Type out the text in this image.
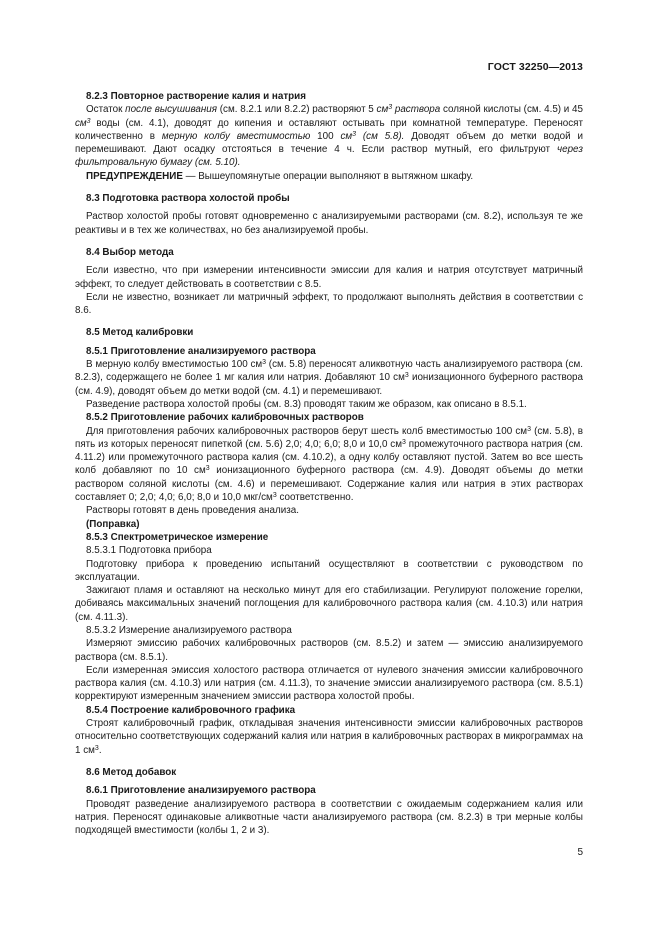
ГОСТ 32250—2013

8.2.3 Повторное растворение калия и натрия

Остаток после высушивания (см. 8.2.1 или 8.2.2) растворяют 5 $см^3$ раствора соляной кислоты (см. 4.5) и 45 $см^3$ воды (см. 4.1), доводят до кипения и оставляют остывать при комнатной температуре. Переносят количественно в мерную колбу вместимостью 100 $см^3$ (см 5.8). Доводят объем до метки водой и перемешивают. Дают осадку отстояться в течение 4 ч. Если раствор мутный, его фильтруют через фильтровальную бумагу (см. 5.10).

ПРЕДУПРЕЖДЕНИЕ — Вышеупомянутые операции выполняют в вытяжном шкафу.

8.3 Подготовка раствора холостой пробы

Раствор холостой пробы готовят одновременно с анализируемыми растворами (см. 8.2), используя те же реактивы и в тех же количествах, но без анализируемой пробы.

8.4 Выбор метода

Если известно, что при измерении интенсивности эмиссии для калия и натрия отсутствует матричный эффект, то следует действовать в соответствии с 8.5.

Если не известно, возникает ли матричный эффект, то продолжают выполнять действия в соответствии с 8.6.

8.5 Метод калибровки

8.5.1 Приготовление анализируемого раствора

В мерную колбу вместимостью 100 $см^3$ (см. 5.8) переносят аликвотную часть анализируемого раствора (см. 8.2.3), содержащего не более 1 мг калия или натрия. Добавляют 10 $см^3$ ионизационного буферного раствора (см. 4.9), доводят объем до метки водой (см. 4.1) и перемешивают.

Разведение раствора холостой пробы (см. 8.3) проводят таким же образом, как описано в 8.5.1.

8.5.2 Приготовление рабочих калибровочных растворов

Для приготовления рабочих калибровочных растворов берут шесть колб вместимостью 100 $см^3$ (см. 5.8), в пять из которых переносят пипеткой (см. 5.6) 2,0; 4,0; 6,0; 8,0 и 10,0 $см^3$ промежуточного раствора натрия (см. 4.11.2) или промежуточного раствора калия (см. 4.10.2), а одну колбу оставляют пустой. Затем во все шесть колб добавляют по 10 $см^3$ ионизационного буферного раствора (см. 4.9). Доводят объемы до метки раствором соляной кислоты (см. 4.6) и перемешивают. Содержание калия или натрия в этих растворах составляет 0; 2,0; 4,0; 6,0; 8,0 и 10,0 мкг/$см^3$ соответственно.

Растворы готовят в день проведения анализа.

(Поправка)

8.5.3 Спектрометрическое измерение

8.5.3.1 Подготовка прибора

Подготовку прибора к проведению испытаний осуществляют в соответствии с руководством по эксплуатации.

Зажигают пламя и оставляют на несколько минут для его стабилизации. Регулируют положение горелки, добиваясь максимальных значений поглощения для калибровочного раствора калия (см. 4.10.3) или натрия (см. 4.11.3).

8.5.3.2 Измерение анализируемого раствора

Измеряют эмиссию рабочих калибровочных растворов (см. 8.5.2) и затем — эмиссию анализируемого раствора (см. 8.5.1).

Если измеренная эмиссия холостого раствора отличается от нулевого значения эмиссии калибровочного раствора калия (см. 4.10.3) или натрия (см. 4.11.3), то значение эмиссии анализируемого раствора (см. 8.5.1) корректируют измеренным значением эмиссии раствора холостой пробы.

8.5.4 Построение калибровочного графика

Строят калибровочный график, откладывая значения интенсивности эмиссии калибровочных растворов относительно соответствующих содержаний калия или натрия в калибровочных растворах в микрограммах на 1 $см^3$.

8.6 Метод добавок

8.6.1 Приготовление анализируемого раствора

Проводят разведение анализируемого раствора в соответствии с ожидаемым содержанием калия или натрия. Переносят одинаковые аликвотные части анализируемого раствора (см. 8.2.3) в три мерные колбы подходящей вместимости (колбы 1, 2 и 3).

5
